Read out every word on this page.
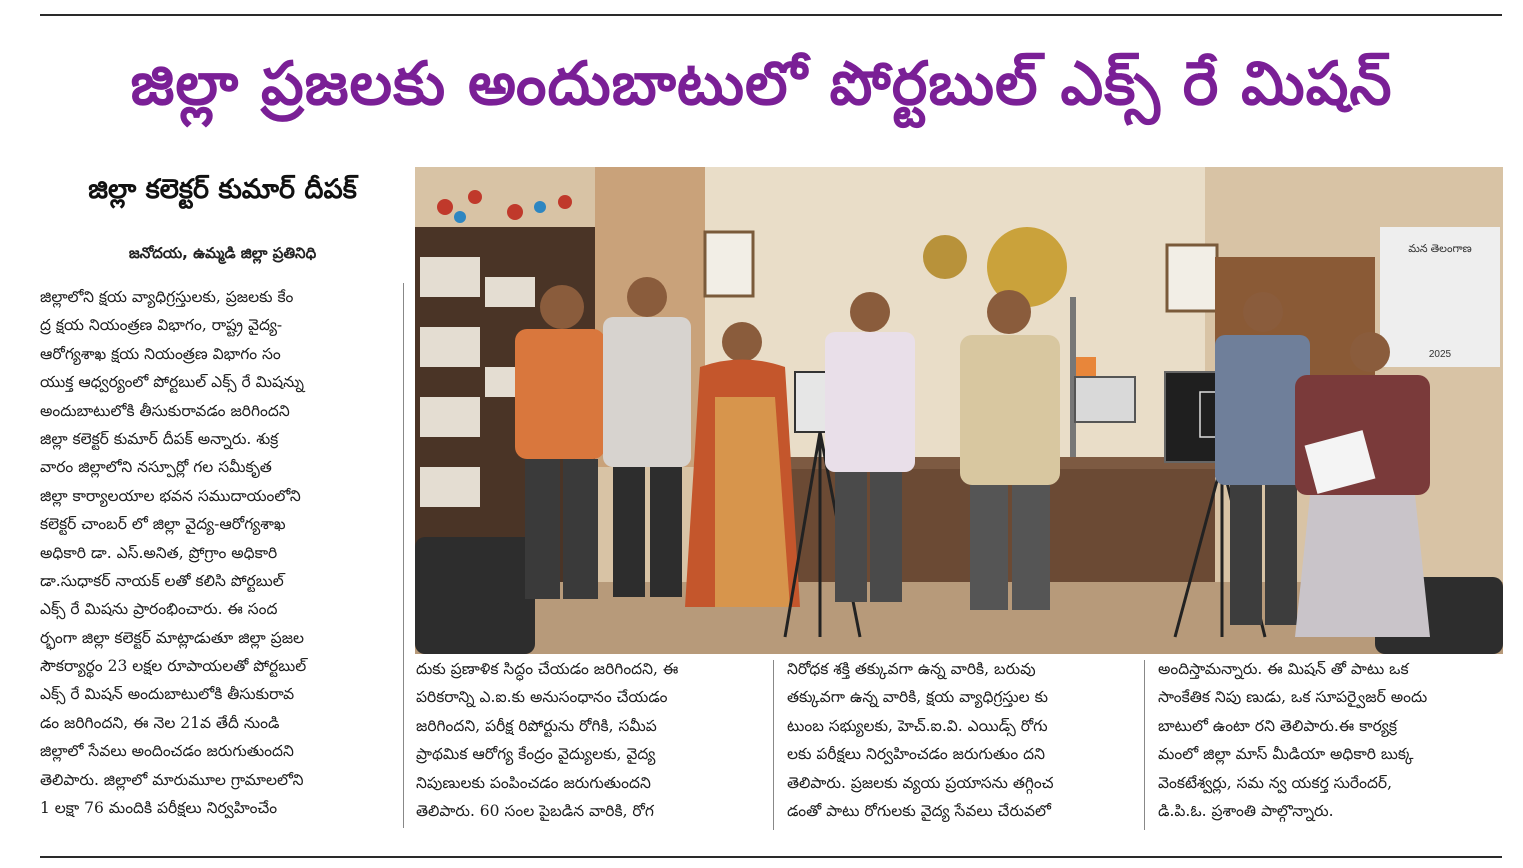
జిల్లా ప్రజలకు అందుబాటులో పోర్టబుల్ ఎక్స్ రే మిషన్
జిల్లా కలెక్టర్ కుమార్ దీపక్
జనోదయ, ఉమ్మడి జిల్లా ప్రతినిధి
జిల్లాలోని క్షయ వ్యాధిగ్రస్తులకు, ప్రజలకు కేం
ద్ర క్షయ నియంత్రణ విభాగం, రాష్ట్ర వైద్య-
ఆరోగ్యశాఖ క్షయ నియంత్రణ విభాగం సం
యుక్త ఆధ్వర్యంలో పోర్టబుల్ ఎక్స్ రే మిషన్ను
అందుబాటులోకి తీసుకురావడం జరిగిందని
జిల్లా కలెక్టర్ కుమార్ దీపక్ అన్నారు. శుక్ర
వారం జిల్లాలోని నస్పూర్లో గల సమీకృత
జిల్లా కార్యాలయాల భవన సముదాయంలోని
కలెక్టర్ చాంబర్ లో జిల్లా వైద్య-ఆరోగ్యశాఖ
అధికారి డా. ఎస్.అనిత, ప్రోగ్రాం అధికారి
డా.సుధాకర్ నాయక్ లతో కలిసి పోర్టబుల్
ఎక్స్ రే మిషను ప్రారంభించారు. ఈ సంద
ర్భంగా జిల్లా కలెక్టర్ మాట్లాడుతూ జిల్లా ప్రజల
సౌకర్యార్థం 23 లక్షల రూపాయలతో పోర్టబుల్
ఎక్స్ రే మిషన్ అందుబాటులోకి తీసుకురావ
డం జరిగిందని, ఈ నెల 21వ తేదీ నుండి
జిల్లాలో సేవలు అందించడం జరుగుతుందని
తెలిపారు. జిల్లాలో మారుమూల గ్రామాలలోని
1 లక్షా 76 మందికి పరీక్షలు నిర్వహించేం
మన తెలంగాణ
2025
దుకు ప్రణాళిక సిద్ధం చేయడం జరిగిందని, ఈ
పరికరాన్ని ఎ.ఐ.కు అనుసంధానం చేయడం
జరిగిందని, పరీక్ష రిపోర్టును రోగికి, సమీప
ప్రాథమిక ఆరోగ్య కేంద్రం వైద్యులకు, వైద్య
నిపుణులకు పంపించడం జరుగుతుందని
తెలిపారు. 60 సంల పైబడిన వారికి, రోగ
నిరోధక శక్తి తక్కువగా ఉన్న వారికి, బరువు
తక్కువగా ఉన్న వారికి, క్షయ వ్యాధిగ్రస్తుల కు
టుంబ సభ్యులకు, హెచ్.ఐ.వి. ఎయిడ్స్ రోగు
లకు పరీక్షలు నిర్వహించడం జరుగుతుం దని
తెలిపారు. ప్రజలకు వ్యయ ప్రయాసను తగ్గించ
డంతో పాటు రోగులకు వైద్య సేవలు చేరువలో
అందిస్తామన్నారు. ఈ మిషన్ తో పాటు ఒక
సాంకేతిక నిపు ణుడు, ఒక సూపర్వైజర్ అందు
బాటులో ఉంటా రని తెలిపారు.ఈ కార్యక్ర
మంలో జిల్లా మాస్ మీడియా అధికారి బుక్క
వెంకటేశ్వర్లు, సమ న్వ యకర్త సురేందర్,
డి.పి.ఓ. ప్రశాంతి పాల్గొన్నారు.
